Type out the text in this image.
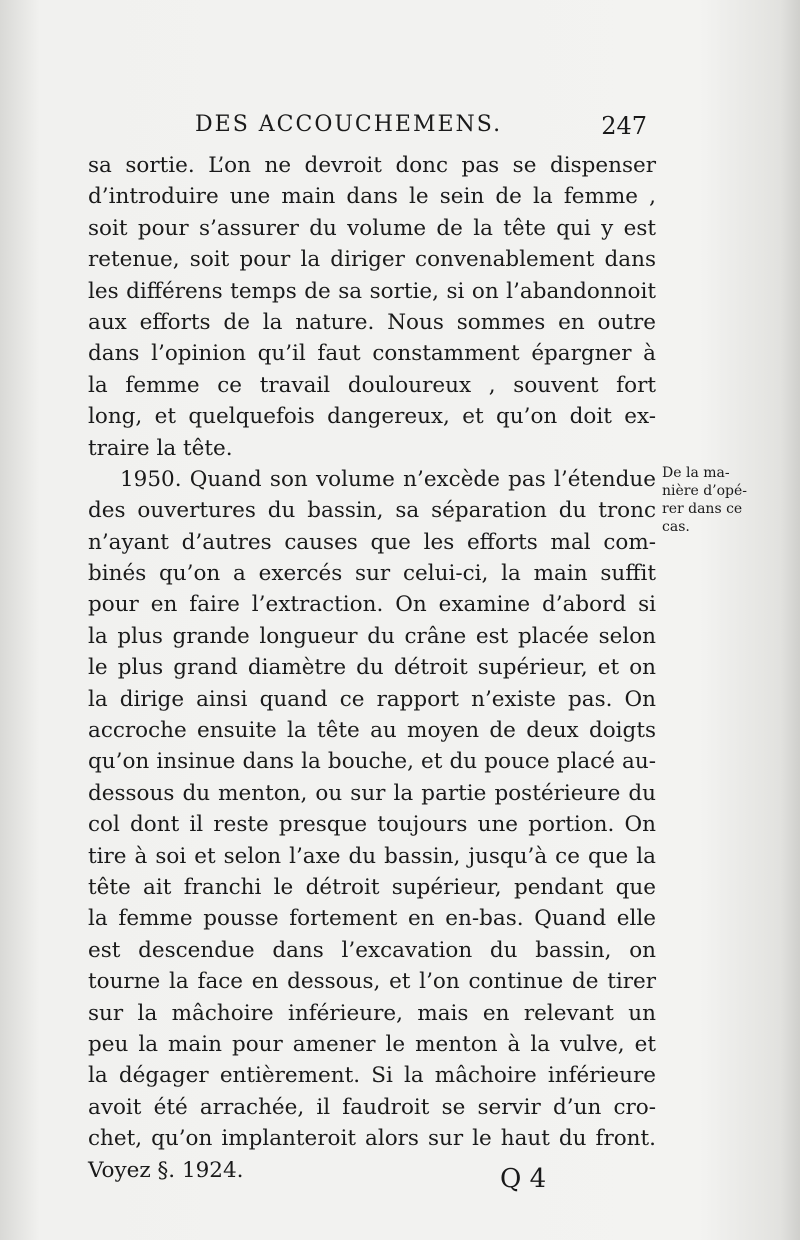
DES ACCOUCHEMENS.	247
sa sortie. L’on ne devroit donc pas se dispenser
d’introduire une main dans le sein de la femme ,
soit pour s’assurer du volume de la tête qui y est
retenue, soit pour la diriger convenablement dans
les différens temps de sa sortie, si on l’abandonnoit
aux efforts de la nature. Nous sommes en outre
dans l’opinion qu’il faut constamment épargner à
la femme ce travail douloureux , souvent fort
long, et quelquefois dangereux, et qu’on doit ex-
traire la tête.
1950. Quand son volume n’excède pas l’étendue
des ouvertures du bassin, sa séparation du tronc
n’ayant d’autres causes que les efforts mal com-
binés qu’on a exercés sur celui-ci, la main suffit
pour en faire l’extraction. On examine d’abord si
la plus grande longueur du crâne est placée selon
le plus grand diamètre du détroit supérieur, et on
la dirige ainsi quand ce rapport n’existe pas. On
accroche ensuite la tête au moyen de deux doigts
qu’on insinue dans la bouche, et du pouce placé au-
dessous du menton, ou sur la partie postérieure du
col dont il reste presque toujours une portion. On
tire à soi et selon l’axe du bassin, jusqu’à ce que la
tête ait franchi le détroit supérieur, pendant que
la femme pousse fortement en en-bas. Quand elle
est descendue dans l’excavation du bassin, on
tourne la face en dessous, et l’on continue de tirer
sur la mâchoire inférieure, mais en relevant un
peu la main pour amener le menton à la vulve, et
la dégager entièrement. Si la mâchoire inférieure
avoit été arrachée, il faudroit se servir d’un cro-
chet, qu’on implanteroit alors sur le haut du front.
Voyez §. 1924.
De la ma-
nière d’opé-
rer dans ce
cas.
Q 4
